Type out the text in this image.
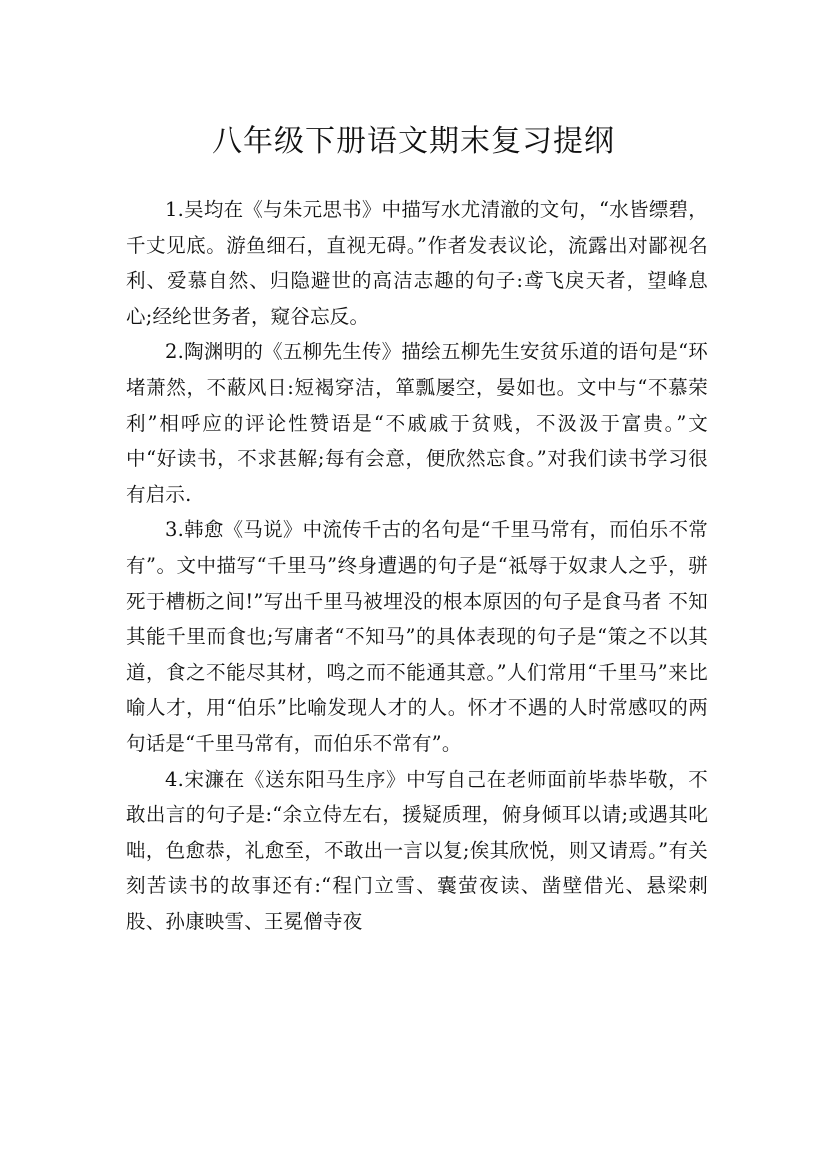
八年级下册语文期末复习提纲

1.吴均在《与朱元思书》中描写水尤清澈的文句，“水皆缥碧，千丈见底。游鱼细石，直视无碍。”作者发表议论，流露出对鄙视名利、爱慕自然、归隐避世的高洁志趣的句子:鸢飞戾天者，望峰息心;经纶世务者，窥谷忘反。

2.陶渊明的《五柳先生传》描绘五柳先生安贫乐道的语句是“环堵萧然，不蔽风日:短褐穿洁，箪瓢屡空，晏如也。文中与“不慕荣利”相呼应的评论性赞语是“不戚戚于贫贱，不汲汲于富贵。”文中“好读书，不求甚解;每有会意，便欣然忘食。”对我们读书学习很有启示.

3.韩愈《马说》中流传千古的名句是“千里马常有，而伯乐不常有”。文中描写“千里马”终身遭遇的句子是“祗辱于奴隶人之乎，骈死于槽枥之间!”写出千里马被埋没的根本原因的句子是食马者 不知其能千里而食也;写庸者“不知马”的具体表现的句子是“策之不以其道，食之不能尽其材，鸣之而不能通其意。”人们常用“千里马”来比喻人才，用“伯乐”比喻发现人才的人。怀才不遇的人时常感叹的两句话是“千里马常有，而伯乐不常有”。

4.宋濂在《送东阳马生序》中写自己在老师面前毕恭毕敬，不敢出言的句子是:“余立侍左右，援疑质理，俯身倾耳以请;或遇其叱咄，色愈恭，礼愈至，不敢出一言以复;俟其欣悦，则又请焉。”有关刻苦读书的故事还有:“程门立雪、囊萤夜读、凿壁借光、悬梁刺股、孙康映雪、王冕僧寺夜
